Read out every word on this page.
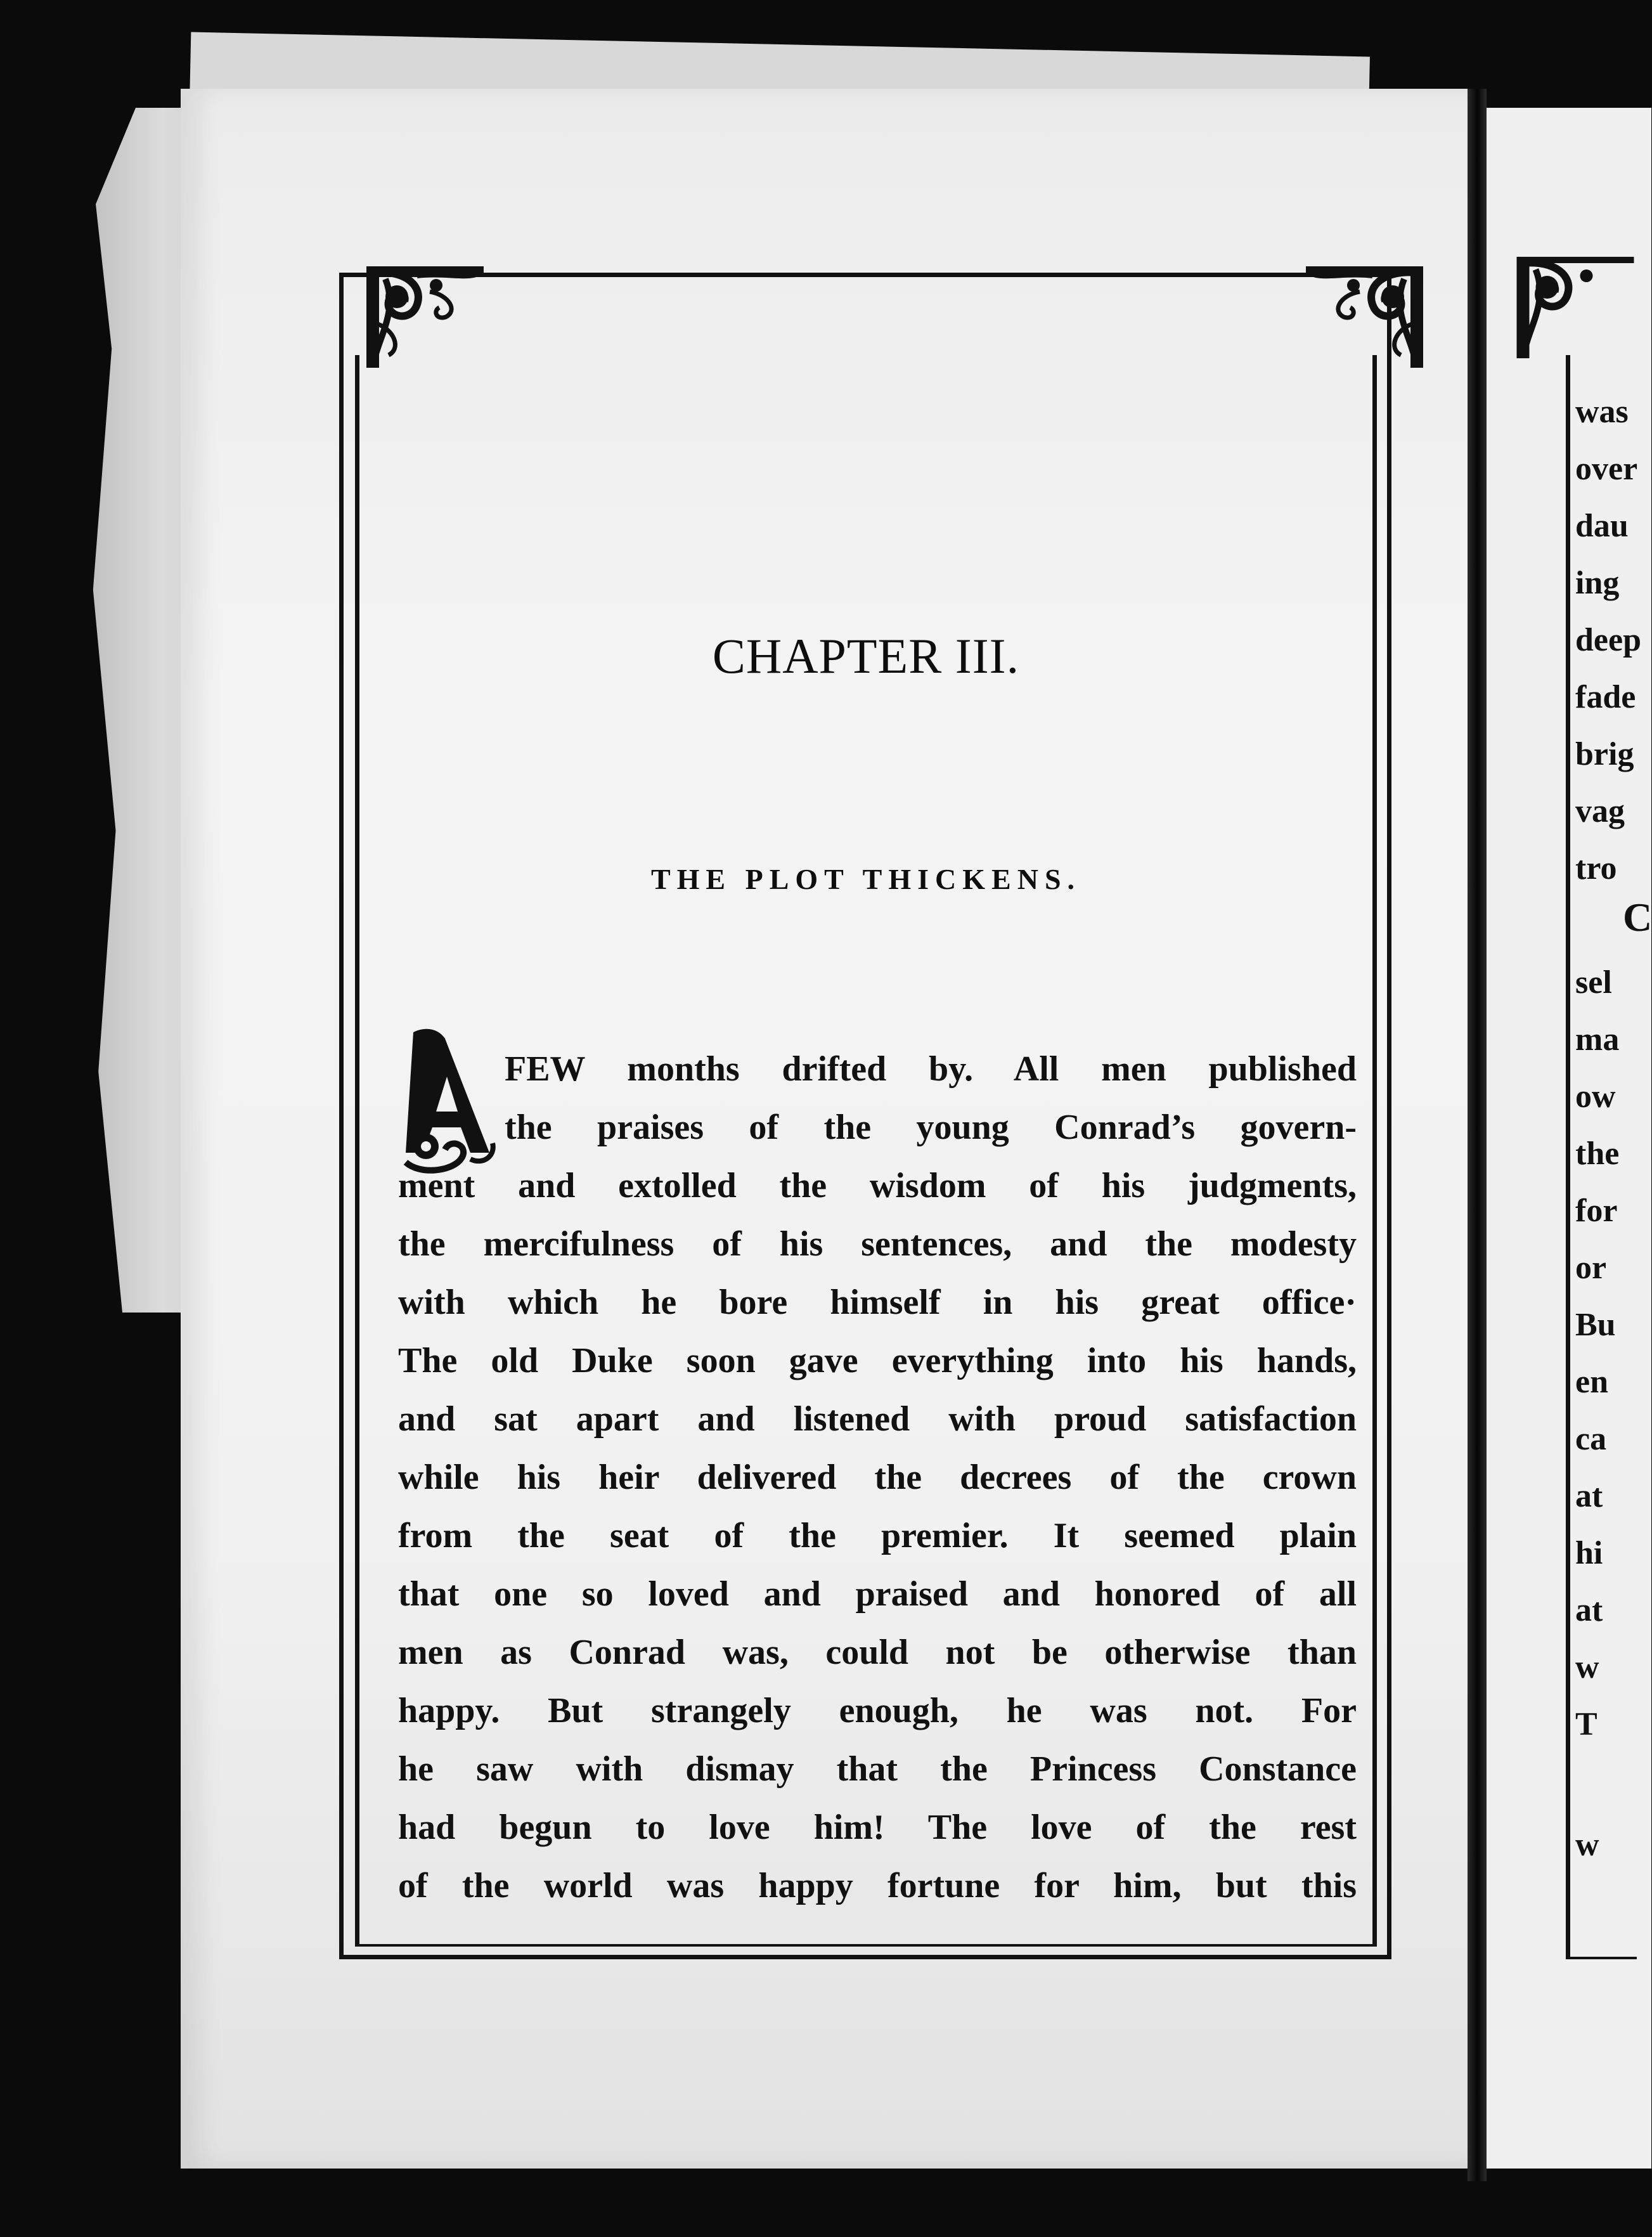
CHAPTER III.
THE PLOT THICKENS.
A
FEW months drifted by. All men published
the praises of the young Conrad’s govern-
ment and extolled the wisdom of his judgments,
the mercifulness of his sentences, and the modesty
with which he bore himself in his great office·
The old Duke soon gave everything into his hands,
and sat apart and listened with proud satisfaction
while his heir delivered the decrees of the crown
from the seat of the premier. It seemed plain
that one so loved and praised and honored of all
men as Conrad was, could not be otherwise than
happy. But strangely enough, he was not. For
he saw with dismay that the Princess Constance
had begun to love him! The love of the rest
of the world was happy fortune for him, but this
was
over
dau
ing
deep
fade
brig
vag
tro
C
sel
ma
ow
the
for
or
Bu
en
ca
at
hi
at
w
T
w
